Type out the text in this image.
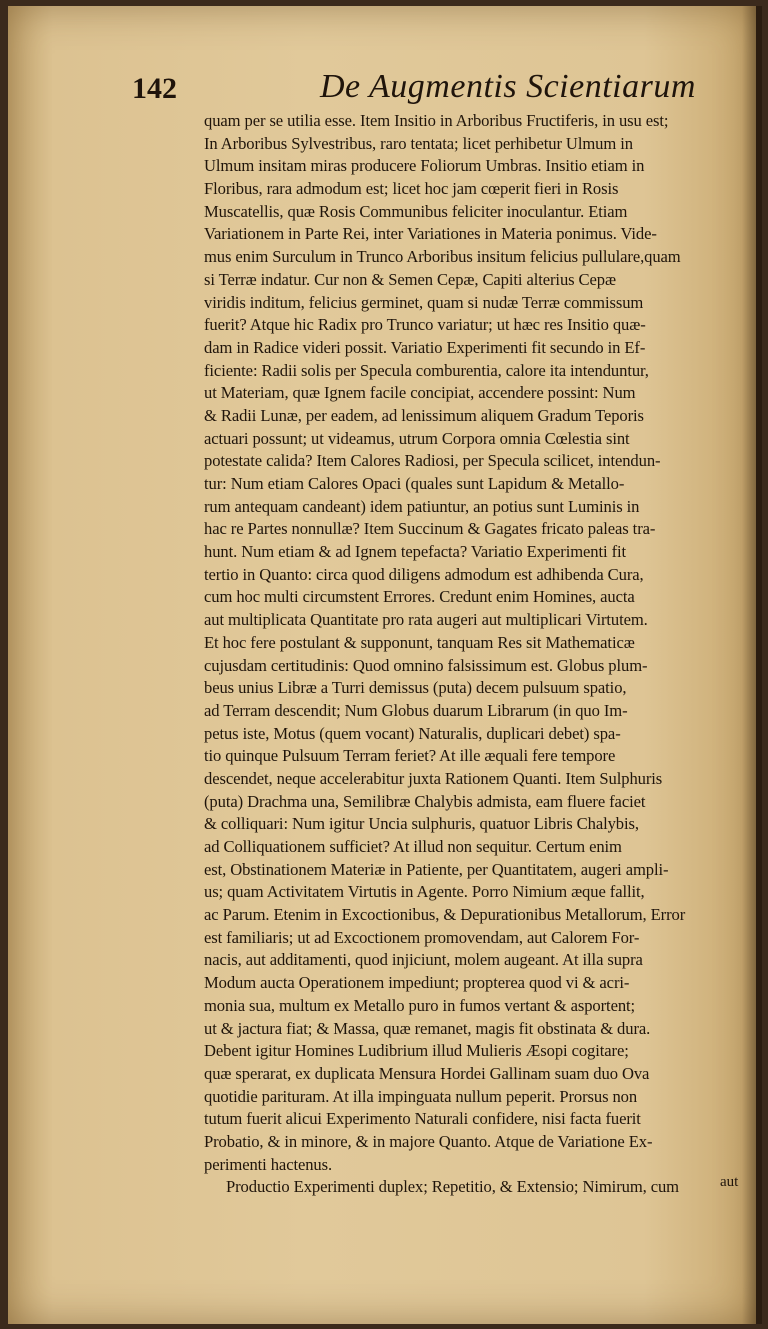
142	De Augmentis Scientiarum
quam per se utilia esse. Item Insitio in Arboribus Fructiferis, in usu est;
In Arboribus Sylvestribus, raro tentata; licet perhibetur Ulmum in
Ulmum insitam miras producere Foliorum Umbras. Insitio etiam in
Floribus, rara admodum est; licet hoc jam cœperit fieri in Rosis
Muscatellis, quæ Rosis Communibus feliciter inoculantur. Etiam
Variationem in Parte Rei, inter Variationes in Materia ponimus. Vide-
mus enim Surculum in Trunco Arboribus insitum felicius pullulare,quam
si Terræ indatur. Cur non & Semen Cepæ, Capiti alterius Cepæ
viridis inditum, felicius germinet, quam si nudæ Terræ commissum
fuerit? Atque hic Radix pro Trunco variatur; ut hæc res Insitio quæ-
dam in Radice videri possit. Variatio Experimenti fit secundo in Ef-
ficiente: Radii solis per Specula comburentia, calore ita intenduntur,
ut Materiam, quæ Ignem facile concipiat, accendere possint: Num
& Radii Lunæ, per eadem, ad lenissimum aliquem Gradum Teporis
actuari possunt; ut videamus, utrum Corpora omnia Cœlestia sint
potestate calida? Item Calores Radiosi, per Specula scilicet, intendun-
tur: Num etiam Calores Opaci (quales sunt Lapidum & Metallo-
rum antequam candeant) idem patiuntur, an potius sunt Luminis in
hac re Partes nonnullæ? Item Succinum & Gagates fricato paleas tra-
hunt. Num etiam & ad Ignem tepefacta? Variatio Experimenti fit
tertio in Quanto: circa quod diligens admodum est adhibenda Cura,
cum hoc multi circumstent Errores. Credunt enim Homines, aucta
aut multiplicata Quantitate pro rata augeri aut multiplicari Virtutem.
Et hoc fere postulant & supponunt, tanquam Res sit Mathematicæ
cujusdam certitudinis: Quod omnino falsissimum est. Globus plum-
beus unius Libræ a Turri demissus (puta) decem pulsuum spatio,
ad Terram descendit; Num Globus duarum Librarum (in quo Im-
petus iste, Motus (quem vocant) Naturalis, duplicari debet) spa-
tio quinque Pulsuum Terram feriet? At ille æquali fere tempore
descendet, neque accelerabitur juxta Rationem Quanti. Item Sulphuris
(puta) Drachma una, Semilibræ Chalybis admista, eam fluere faciet
& colliquari: Num igitur Uncia sulphuris, quatuor Libris Chalybis,
ad Colliquationem sufficiet? At illud non sequitur. Certum enim
est, Obstinationem Materiæ in Patiente, per Quantitatem, augeri ampli-
us; quam Activitatem Virtutis in Agente. Porro Nimium æque fallit,
ac Parum. Etenim in Excoctionibus, & Depurationibus Metallorum, Error
est familiaris; ut ad Excoctionem promovendam, aut Calorem For-
nacis, aut additamenti, quod injiciunt, molem augeant. At illa supra
Modum aucta Operationem impediunt; propterea quod vi & acri-
monia sua, multum ex Metallo puro in fumos vertant & asportent;
ut & jactura fiat; & Massa, quæ remanet, magis fit obstinata & dura.
Debent igitur Homines Ludibrium illud Mulieris Æsopi cogitare;
quæ sperarat, ex duplicata Mensura Hordei Gallinam suam duo Ova
quotidie parituram. At illa impinguata nullum peperit. Prorsus non
tutum fuerit alicui Experimento Naturali confidere, nisi facta fuerit
Probatio, & in minore, & in majore Quanto. Atque de Variatione Ex-
perimenti hactenus.
Productio Experimenti duplex; Repetitio, & Extensio; Nimirum, cum	aut
